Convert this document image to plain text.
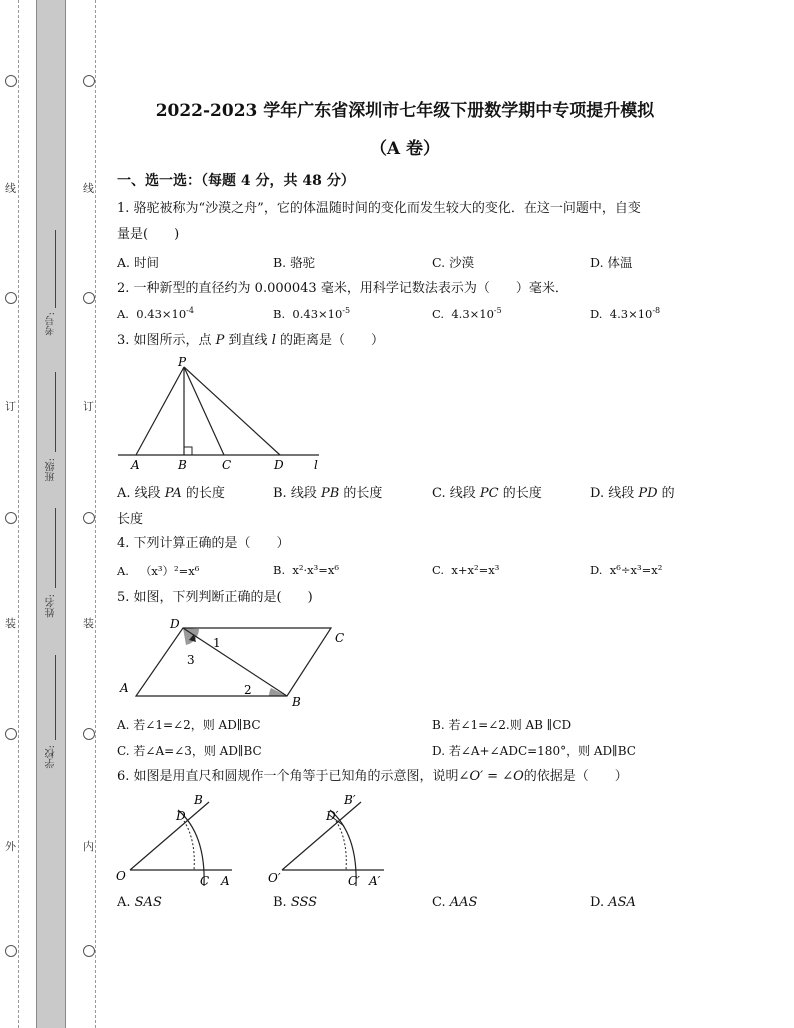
线
订
装
外
线
订
装
内
考号:
班级:
姓名:
学校:
2022-2023 学年广东省深圳市七年级下册数学期中专项提升模拟
（A 卷）
一、选一选：（每题 4 分，共 48 分）
1. 骆驼被称为“沙漠之舟”，它的体温随时间的变化而发生较大的变化．在这一问题中，自变
量是(　　)
A. 时间	B. 骆驼	C. 沙漠	D. 体温
2. 一种新型的直径约为 0.000043 毫米，用科学记数法表示为（　　）毫米．
A. $0.43\times 10^{-4}$	B. $0.43\times 10^{-5}$	C. $4.3\times 10^{-5}$	D. $4.3\times 10^{-8}$
3. 如图所示，点 P 到直线 l 的距离是（　　）
P
A	B	C	D	l
A. 线段 PA 的长度	B. 线段 PB 的长度	C. 线段 PC 的长度	D. 线段 PD 的
长度
4. 下列计算正确的是（　　）
A. （x³）²=x⁶	B. x²·x³=x⁶	C. x+x²=x³	D. x⁶÷x³=x²
5. 如图，下列判断正确的是(　　)
D
C
A
B
1
3
2
A. 若∠1=∠2，则 AD∥BC	B. 若∠1=∠2.则 AB ∥CD
C. 若∠A=∠3，则 AD∥BC	D. 若∠A+∠ADC=180°，则 AD∥BC
6. 如图是用直尺和圆规作一个角等于已知角的示意图，说明∠O′ = ∠O的依据是（　　）
O	C A
B
D
O′	C′ A′
B′
D′
A. SAS	B. SSS	C. AAS	D. ASA
